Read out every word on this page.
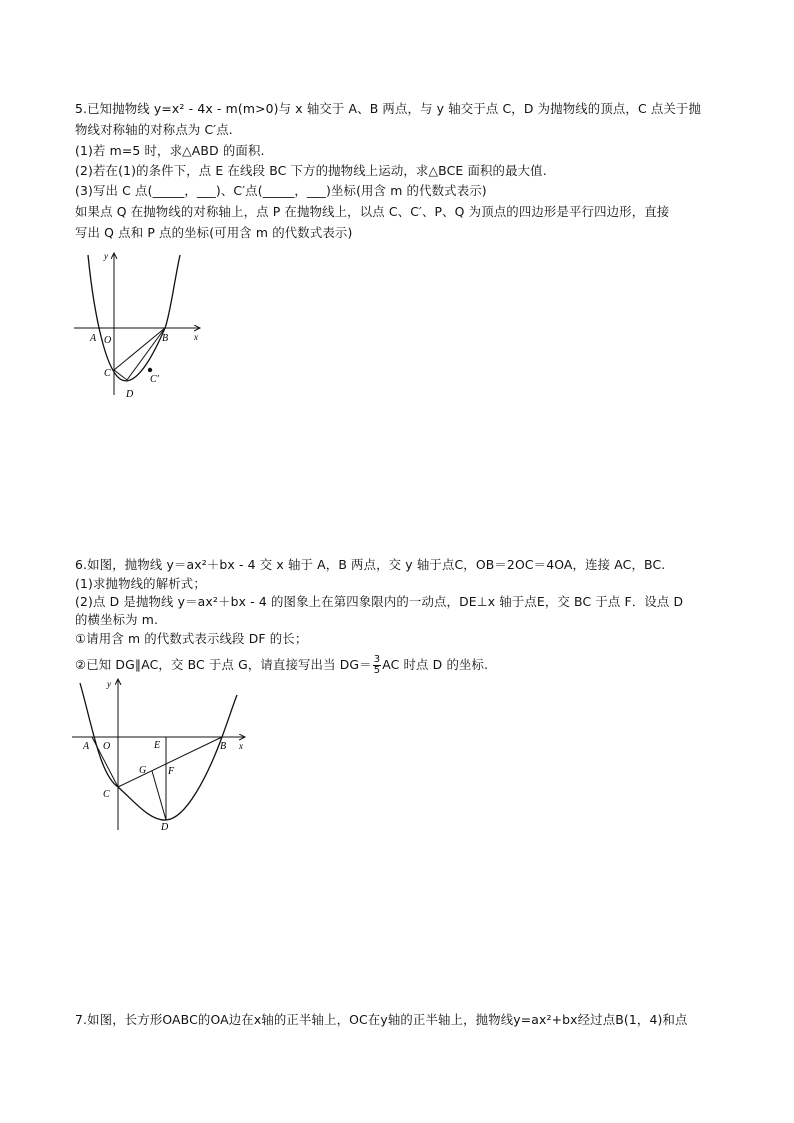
5.已知抛物线 y=x² - 4x - m(m>0)与 x 轴交于 A、B 两点，与 y 轴交于点 C，D 为抛物线的顶点，C 点关于抛
物线对称轴的对称点为 C′点.
(1)若 m=5 时，求△ABD 的面积.
(2)若在(1)的条件下，点 E 在线段 BC 下方的抛物线上运动，求△BCE 面积的最大值.
(3)写出 C 点(_____，___)、C′点(_____，___)坐标(用含 m 的代数式表示)
如果点 Q 在抛物线的对称轴上，点 P 在抛物线上，以点 C、C′、P、Q 为顶点的四边形是平行四边形，直接
写出 Q 点和 P 点的坐标(可用含 m 的代数式表示)
y
x
A O	B
C
C′
D
6.如图，抛物线 y＝ax²＋bx - 4 交 x 轴于 A，B 两点，交 y 轴于点C，OB＝2OC＝4OA，连接 AC，BC.
(1)求抛物线的解析式；
(2)点 D 是抛物线 y＝ax²＋bx - 4 的图象上在第四象限内的一动点，DE⊥x 轴于点E，交 BC 于点 F．设点 D
的横坐标为 m.
①请用含 m 的代数式表示线段 DF 的长；
②已知 DG∥AC，交 BC 于点 G，请直接写出当 $DG= \frac{3}{5}$ AC 时点 D 的坐标.
y
x
A O	E	B
G F
C
D
7.如图，长方形OABC的OA边在x轴的正半轴上，OC在y轴的正半轴上，抛物线y=ax²+bx经过点B(1，4)和点
